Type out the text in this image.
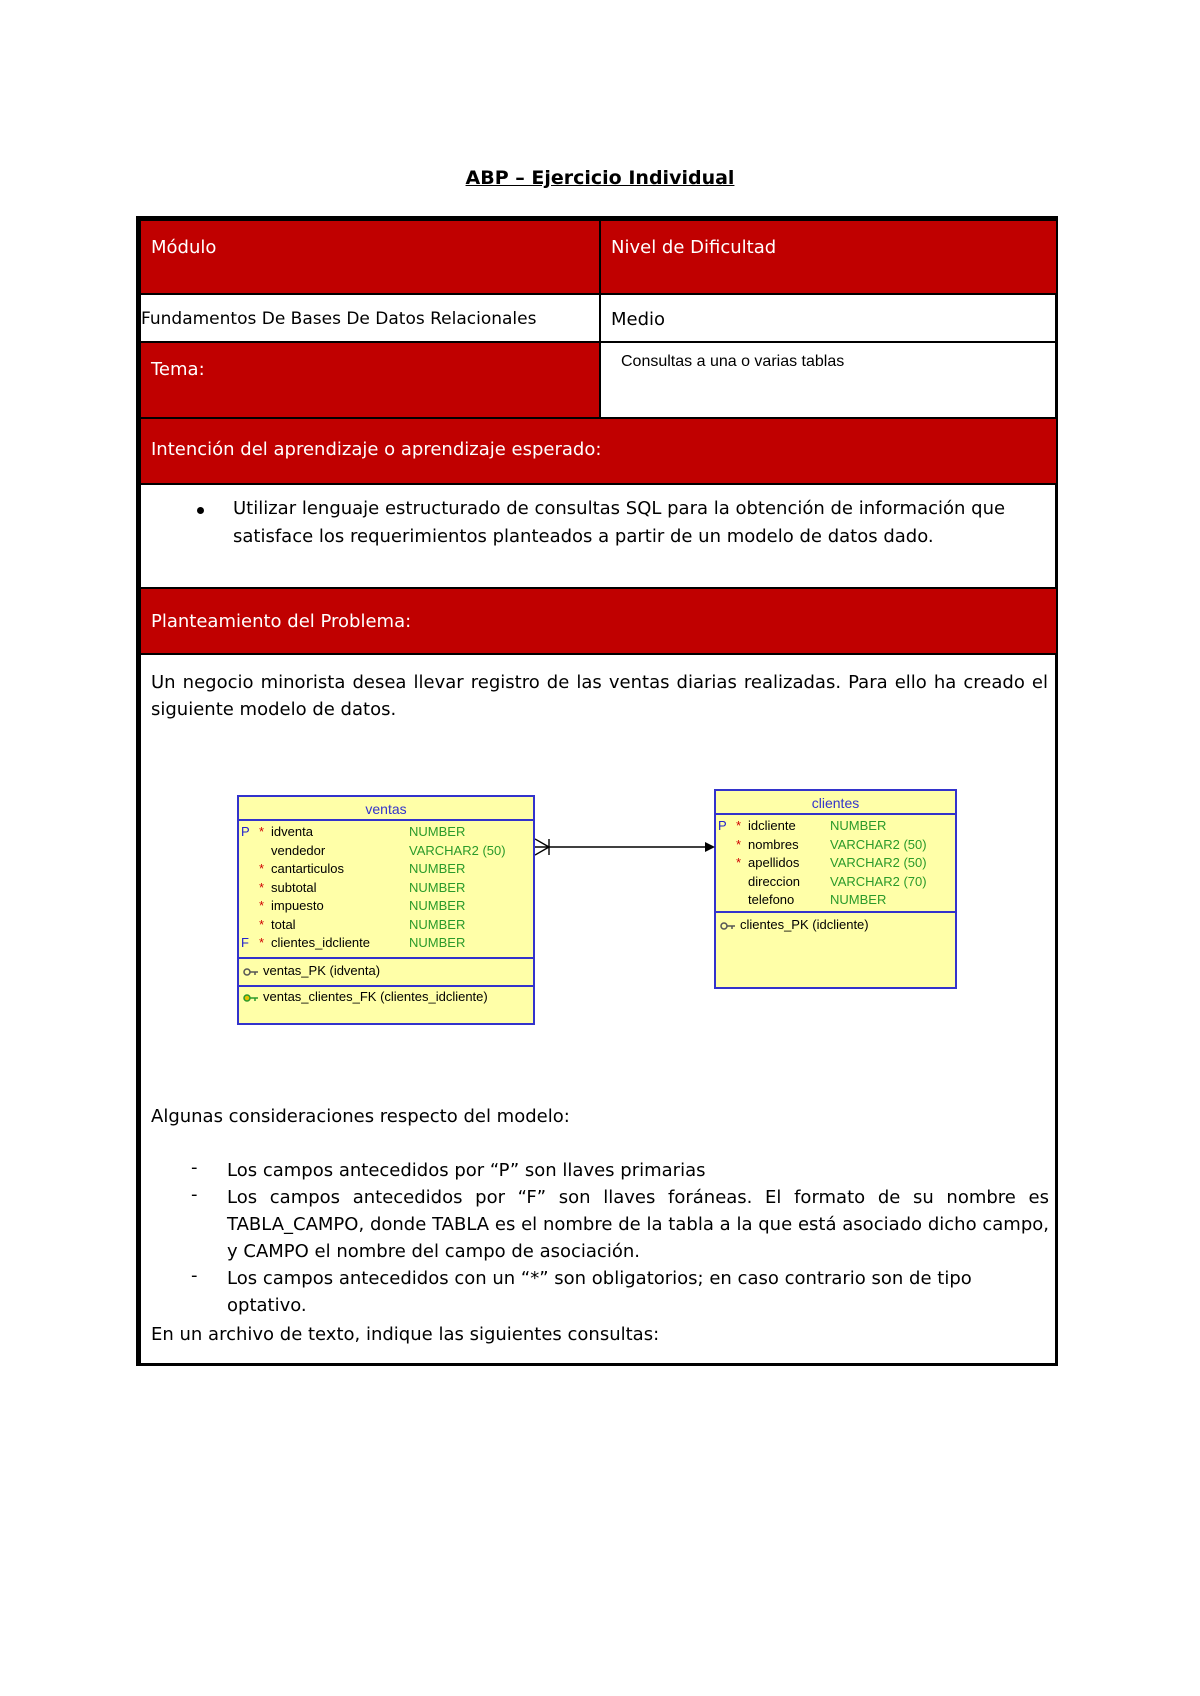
ABP – Ejercicio Individual
Módulo	Nivel de Dificultad
Fundamentos De Bases De Datos Relacionales	Medio
Tema:	Consultas a una o varias tablas
Intención del aprendizaje o aprendizaje esperado:
Utilizar lenguaje estructurado de consultas SQL para la obtención de información que satisface los requerimientos planteados a partir de un modelo de datos dado.
Planteamiento del Problema:
Un negocio minorista desea llevar registro de las ventas diarias realizadas. Para ello ha creado el siguiente modelo de datos.
ventas
P * idventa	NUMBER
vendedor	VARCHAR2 (50)
* cantarticulos	NUMBER
* subtotal	NUMBER
* impuesto	NUMBER
* total	NUMBER
F * clientes_idcliente	NUMBER
ventas_PK (idventa)
ventas_clientes_FK (clientes_idcliente)
clientes
P * idcliente	NUMBER
* nombres VARCHAR2 (50)
* apellidos VARCHAR2 (50)
direccion VARCHAR2 (70)
telefono	NUMBER
clientes_PK (idcliente)
Algunas consideraciones respecto del modelo:
- Los campos antecedidos por “P” son llaves primarias
- Los campos antecedidos por “F” son llaves foráneas. El formato de su nombre es TABLA_CAMPO, donde TABLA es el nombre de la tabla a la que está asociado dicho campo, y CAMPO el nombre del campo de asociación.
- Los campos antecedidos con un “*” son obligatorios; en caso contrario son de tipo optativo.
En un archivo de texto, indique las siguientes consultas:
